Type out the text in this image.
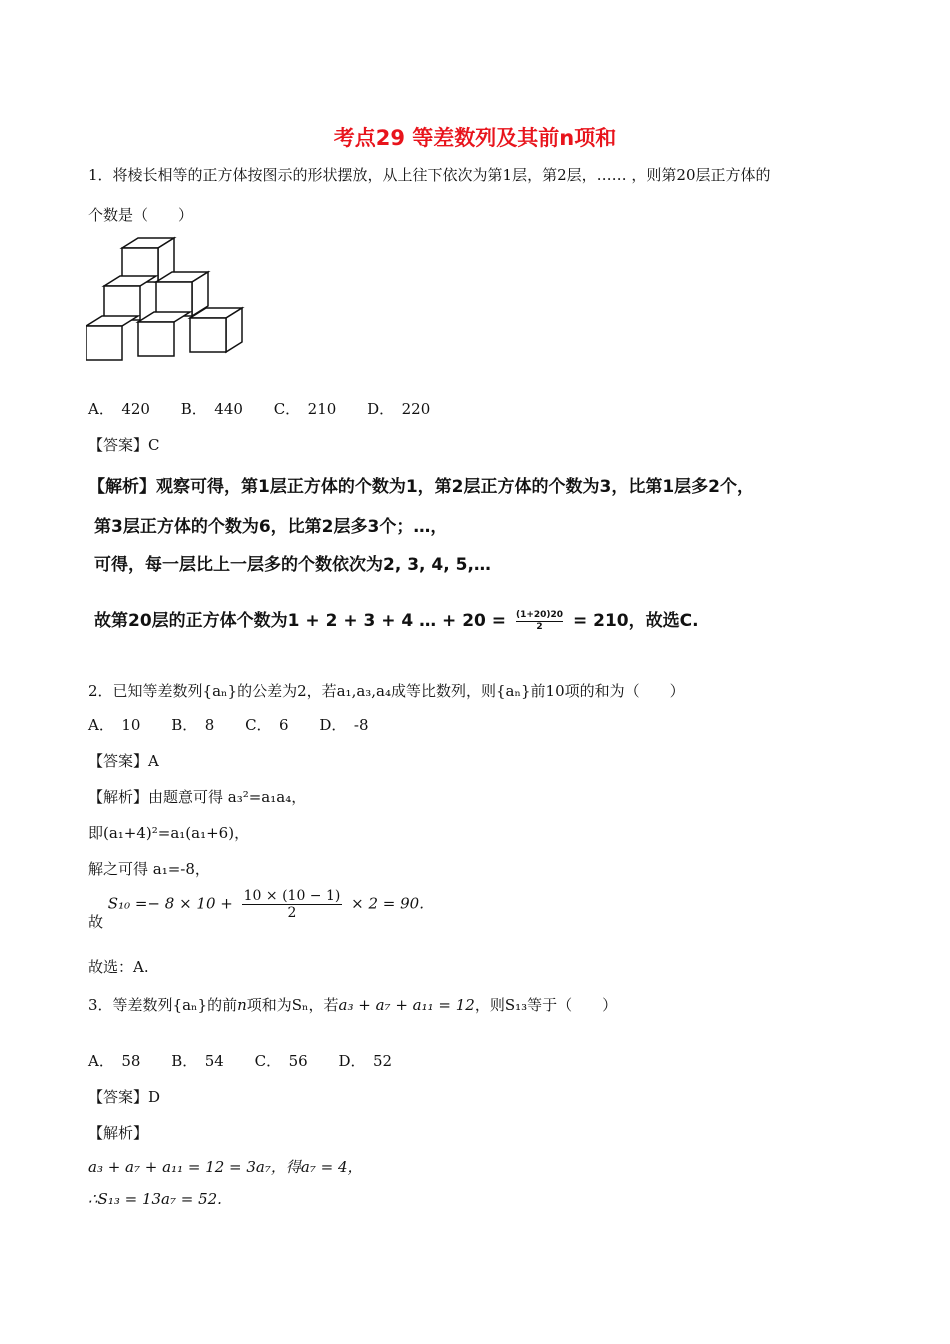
考点29 等差数列及其前n项和
1．将棱长相等的正方体按图示的形状摆放，从上往下依次为第1层，第2层，…… ，则第20层正方体的
个数是（　　）
A．　420 B．　440 C．　210 D．　220
【答案】C
【解析】观察可得，第1层正方体的个数为1，第2层正方体的个数为3，比第1层多2个，
第3层正方体的个数为6，比第2层多3个；…，
可得，每一层比上一层多的个数依次为2, 3, 4, 5,…
故第20层的正方体个数为1 + 2 + 3 + 4 … + $20 = \frac{(1+20)20}{2} = 210$，故选C.
2．已知等差数列{aₙ}的公差为2，若a₁,a₃,a₄成等比数列，则{aₙ}前10项的和为（　　）
A．　10 B．　8 C．　6 D．　-8
【答案】A
【解析】由题意可得 a₃²=a₁a₄，
即(a₁+4)²=a₁(a₁+6)，
解之可得 a₁=-8，
故 $S_{10} =- 8 \times 10 + \frac{10 \times (10 - 1)}{2} \times 2 = 90$.
故选：A.
3．等差数列{aₙ}的前n项和为Sₙ，若a₃ + a₇ + a₁₁ = 12，则S₁₃等于（　　）
A．　58 B．　54 C．　56 D．　52
【答案】D
【解析】
a₃ + a₇ + a₁₁ = 12 = 3a₇，得a₇ = 4，
∴S₁₃ = 13a₇ = 52.
